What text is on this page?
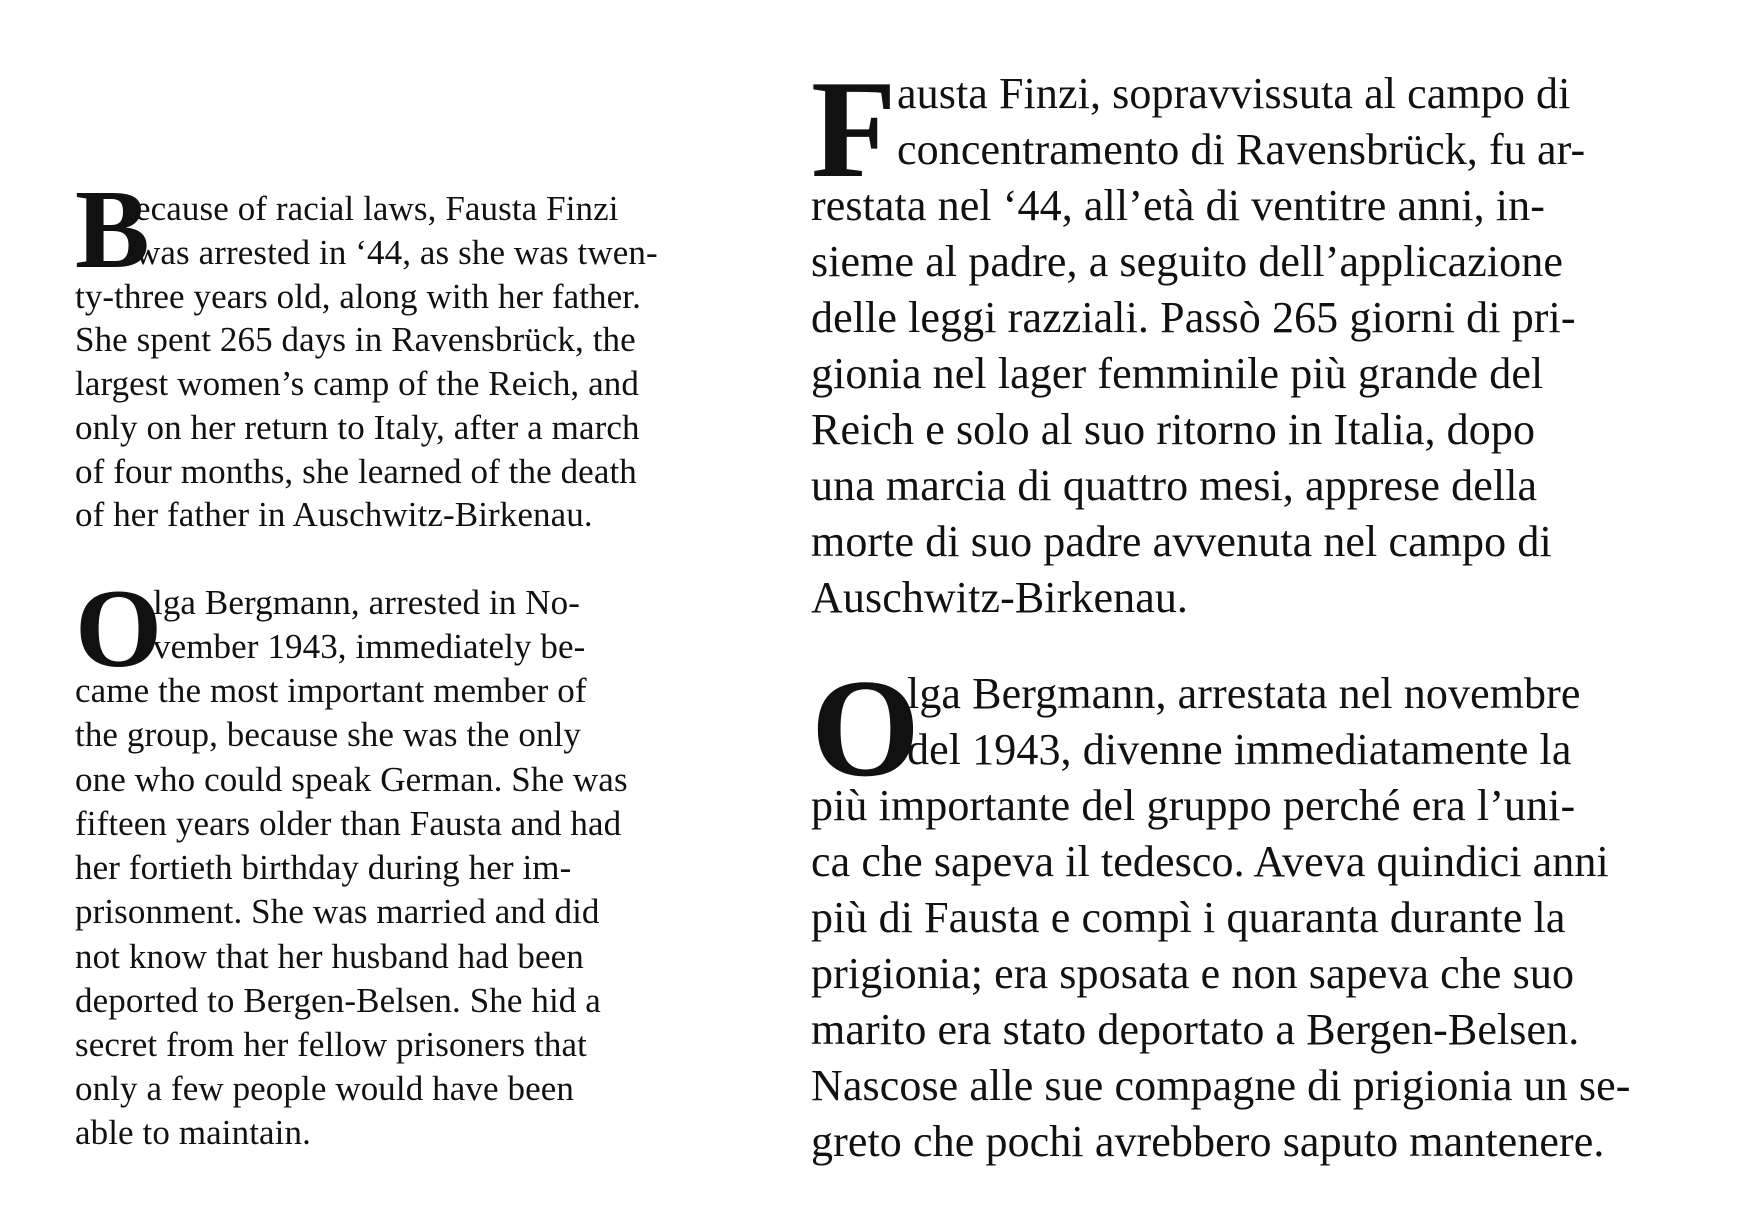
B
ecause of racial laws, Fausta Finzi
was arrested in ‘44, as she was twen-
ty-three years old, along with her father.
She spent 265 days in Ravensbrück, the
largest women’s camp of the Reich, and
only on her return to Italy, after a march
of four months, she learned of the death
of her father in Auschwitz-Birkenau.
O
lga Bergmann, arrested in No-
vember 1943, immediately be-
came the most important member of
the group, because she was the only
one who could speak German. She was
fifteen years older than Fausta and had
her fortieth birthday during her im-
prisonment. She was married and did
not know that her husband had been
deported to Bergen-Belsen. She hid a
secret from her fellow prisoners that
only a few people would have been
able to maintain.
F austa Finzi, sopravvissuta al campo di
concentramento di Ravensbrück, fu ar-
restata nel ‘44, all’età di ventitre anni, in-
sieme al padre, a seguito dell’applicazione
delle leggi razziali. Passò 265 giorni di pri-
gionia nel lager femminile più grande del
Reich e solo al suo ritorno in Italia, dopo
una marcia di quattro mesi, apprese della
morte di suo padre avvenuta nel campo di
Auschwitz-Birkenau.
O
lga Bergmann, arrestata nel novembre
del 1943, divenne immediatamente la
più importante del gruppo perché era l’uni-
ca che sapeva il tedesco. Aveva quindici anni
più di Fausta e compì i quaranta durante la
prigionia; era sposata e non sapeva che suo
marito era stato deportato a Bergen-Belsen.
Nascose alle sue compagne di prigionia un se-
greto che pochi avrebbero saputo mantenere.
